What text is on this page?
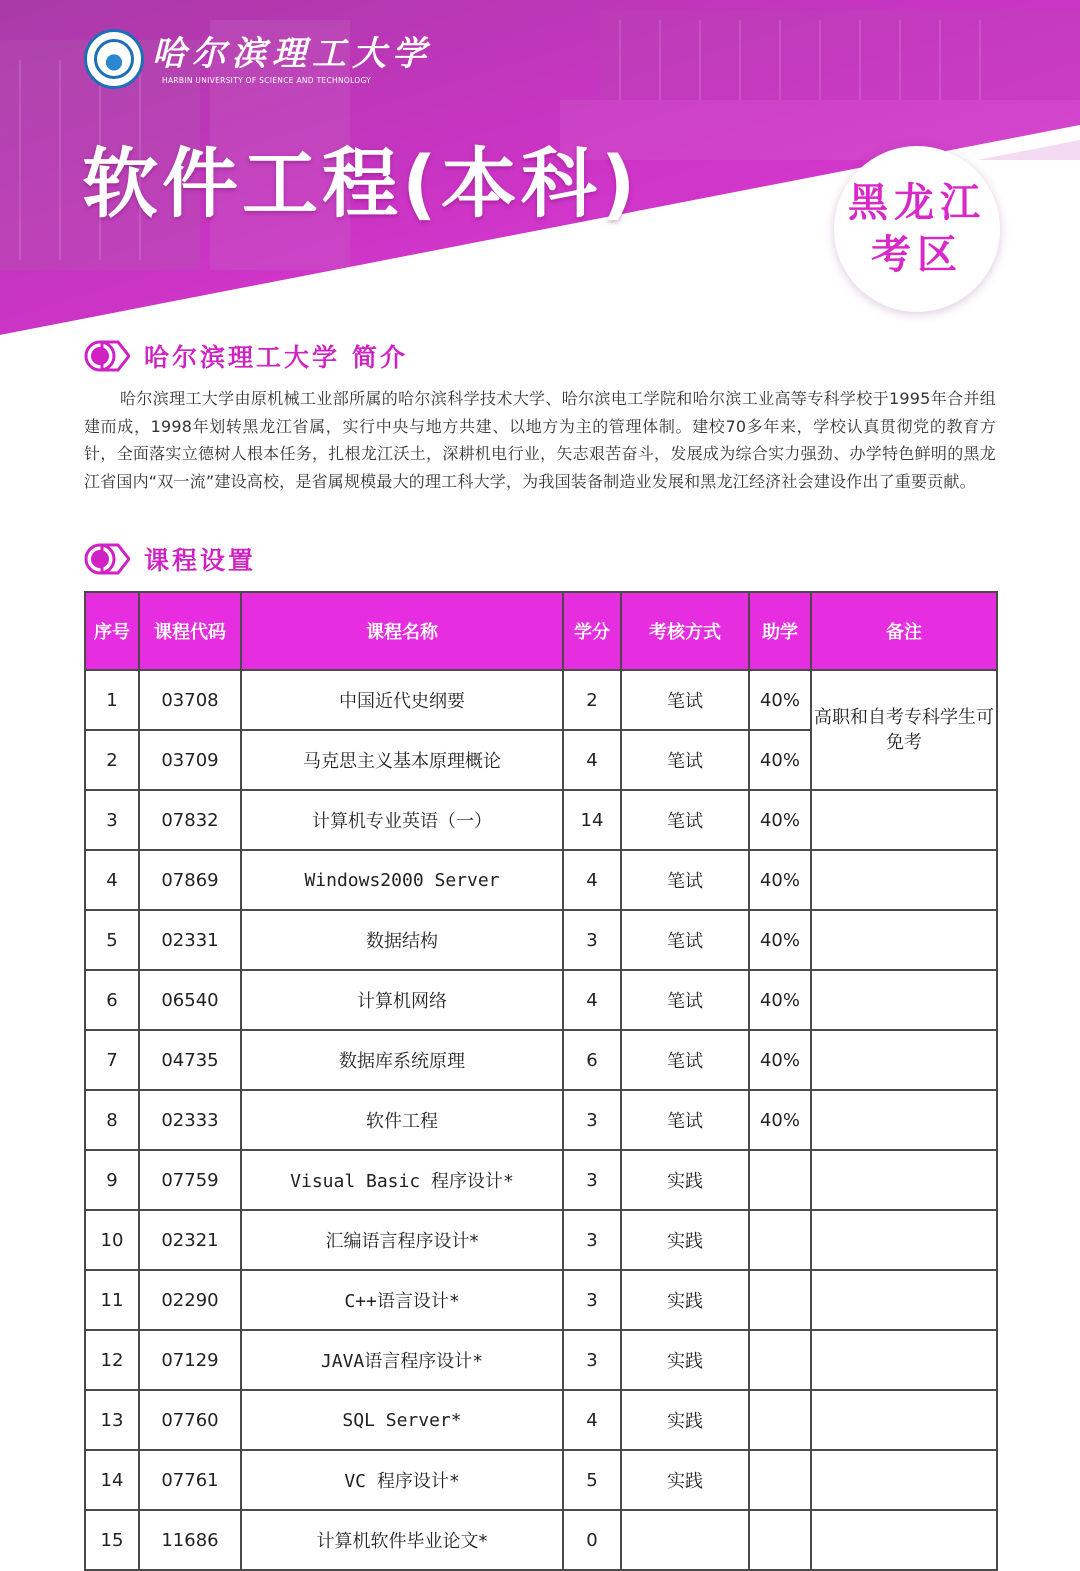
哈尔滨理工大学
HARBIN UNIVERSITY OF SCIENCE AND TECHNOLOGY
软件工程(本科)	黑龙江
考区
哈尔滨理工大学 简介
哈尔滨理工大学由原机械工业部所属的哈尔滨科学技术大学、哈尔滨电工学院和哈尔滨工业高等专科学校于1995年合并组建而成，1998年划转黑龙江省属，实行中央与地方共建、以地方为主的管理体制。建校70多年来，学校认真贯彻党的教育方针，全面落实立德树人根本任务，扎根龙江沃土，深耕机电行业，矢志艰苦奋斗，发展成为综合实力强劲、办学特色鲜明的黑龙江省国内“双一流”建设高校，是省属规模最大的理工科大学，为我国装备制造业发展和黑龙江经济社会建设作出了重要贡献。
课程设置
序号	课程代码	课程名称	学分	考核方式	助学	备注
1	03708	中国近代史纲要	2	笔试	40%	高职和自考专科学生可免考
2	03709	马克思主义基本原理概论	4	笔试	40%	
3	07832	计算机专业英语（一）	14	笔试	40%	
4	07869	Windows2000 Server	4	笔试	40%	
5	02331	数据结构	3	笔试	40%	
6	06540	计算机网络	4	笔试	40%	
7	04735	数据库系统原理	6	笔试	40%	
8	02333	软件工程	3	笔试	40%	
9	07759	Visual Basic 程序设计*	3	实践		
10	02321	汇编语言程序设计*	3	实践		
11	02290	C++语言设计*	3	实践		
12	07129	JAVA语言程序设计*	3	实践		
13	07760	SQL Server*	4	实践		
14	07761	VC 程序设计*	5	实践		
15	11686	计算机软件毕业论文*	0			
